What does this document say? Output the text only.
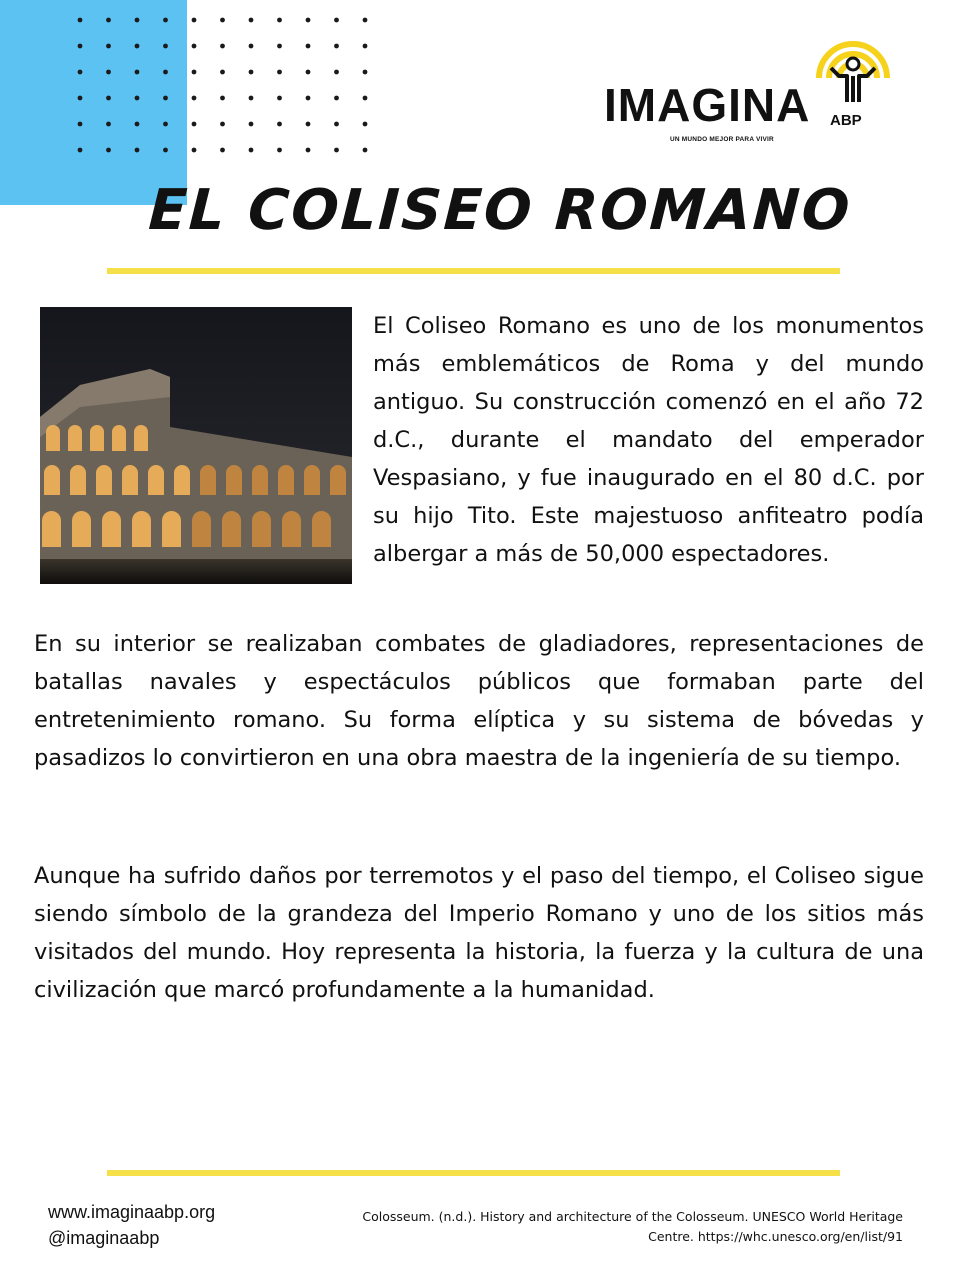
IMAGINA ABP
UN MUNDO MEJOR PARA VIVIR
EL COLISEO ROMANO

El Coliseo Romano es uno de los monumentos más emblemáticos de Roma y del mundo antiguo. Su construcción comenzó en el año 72 d.C., durante el mandato del emperador Vespasiano, y fue inaugurado en el 80 d.C. por su hijo Tito. Este majestuoso anfiteatro podía albergar a más de 50,000 espectadores.

En su interior se realizaban combates de gladiadores, representaciones de batallas navales y espectáculos públicos que formaban parte del entretenimiento romano. Su forma elíptica y su sistema de bóvedas y pasadizos lo convirtieron en una obra maestra de la ingeniería de su tiempo.

Aunque ha sufrido daños por terremotos y el paso del tiempo, el Coliseo sigue siendo símbolo de la grandeza del Imperio Romano y uno de los sitios más visitados del mundo. Hoy representa la historia, la fuerza y la cultura de una civilización que marcó profundamente a la humanidad.

www.imaginaabp.org
@imaginaabp
Colosseum. (n.d.). History and architecture of the Colosseum. UNESCO World Heritage
Centre. https://whc.unesco.org/en/list/91
